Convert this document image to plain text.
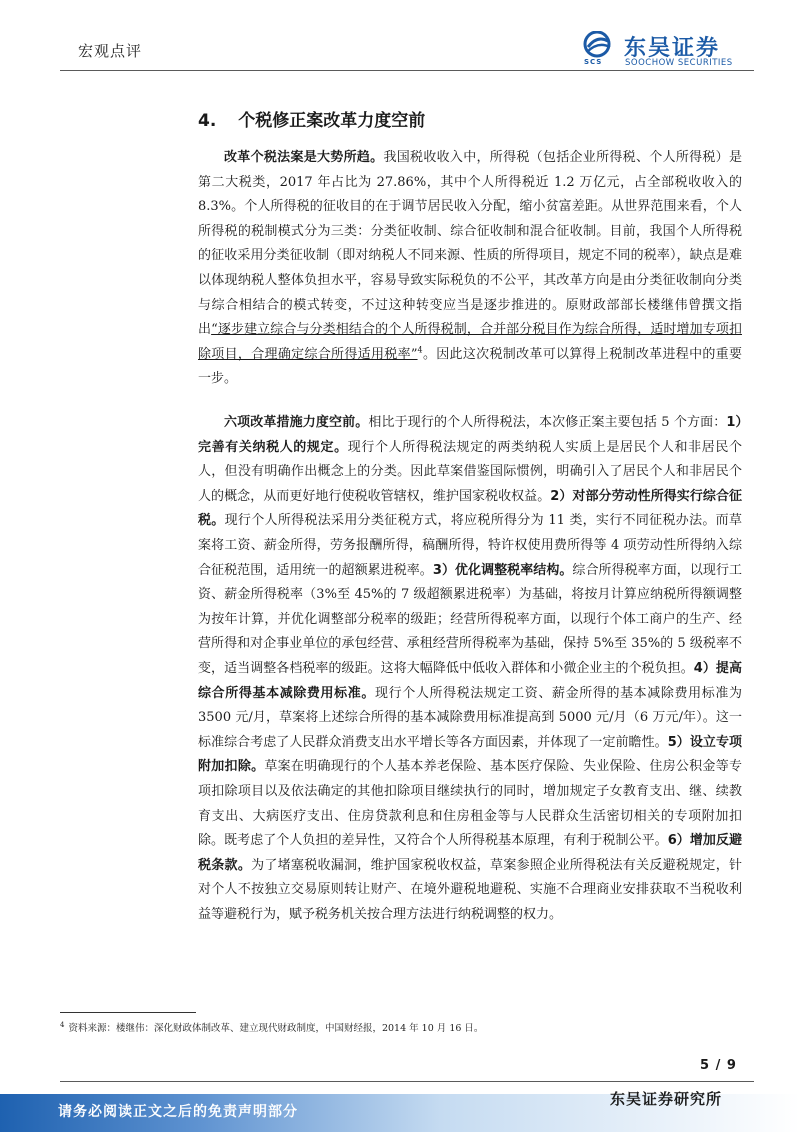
宏观点评
SCS
东吴证券
SOOCHOW SECURITIES
4. 个税修正案改革力度空前

改革个税法案是大势所趋。我国税收收入中，所得税（包括企业所得税、个人所得税）是第二大税类，2017 年占比为 27.86%，其中个人所得税近 1.2 万亿元，占全部税收收入的 8.3%。个人所得税的征收目的在于调节居民收入分配，缩小贫富差距。从世界范围来看，个人所得税的税制模式分为三类：分类征收制、综合征收制和混合征收制。目前，我国个人所得税的征收采用分类征收制（即对纳税人不同来源、性质的所得项目，规定不同的税率），缺点是难以体现纳税人整体负担水平，容易导致实际税负的不公平，其改革方向是由分类征收制向分类与综合相结合的模式转变，不过这种转变应当是逐步推进的。原财政部部长楼继伟曾撰文指出“逐步建立综合与分类相结合的个人所得税制，合并部分税目作为综合所得，适时增加专项扣除项目，合理确定综合所得适用税率”$^4$。因此这次税制改革可以算得上税制改革进程中的重要一步。

六项改革措施力度空前。相比于现行的个人所得税法，本次修正案主要包括 5 个方面：1）完善有关纳税人的规定。现行个人所得税法规定的两类纳税人实质上是居民个人和非居民个人，但没有明确作出概念上的分类。因此草案借鉴国际惯例，明确引入了居民个人和非居民个人的概念，从而更好地行使税收管辖权，维护国家税收权益。2）对部分劳动性所得实行综合征税。现行个人所得税法采用分类征税方式，将应税所得分为 11 类，实行不同征税办法。而草案将工资、薪金所得，劳务报酬所得，稿酬所得，特许权使用费所得等 4 项劳动性所得纳入综合征税范围，适用统一的超额累进税率。3）优化调整税率结构。综合所得税率方面，以现行工资、薪金所得税率（3%至 45%的 7 级超额累进税率）为基础，将按月计算应纳税所得额调整为按年计算，并优化调整部分税率的级距；经营所得税率方面，以现行个体工商户的生产、经营所得和对企事业单位的承包经营、承租经营所得税率为基础，保持 5%至 35%的 5 级税率不变，适当调整各档税率的级距。这将大幅降低中低收入群体和小微企业主的个税负担。4）提高综合所得基本减除费用标准。现行个人所得税法规定工资、薪金所得的基本减除费用标准为 3500 元/月，草案将上述综合所得的基本减除费用标准提高到 5000 元/月（6 万元/年）。这一标准综合考虑了人民群众消费支出水平增长等各方面因素，并体现了一定前瞻性。5）设立专项附加扣除。草案在明确现行的个人基本养老保险、基本医疗保险、失业保险、住房公积金等专项扣除项目以及依法确定的其他扣除项目继续执行的同时，增加规定子女教育支出、继、续教育支出、大病医疗支出、住房贷款利息和住房租金等与人民群众生活密切相关的专项附加扣除。既考虑了个人负担的差异性，又符合个人所得税基本原理，有利于税制公平。6）增加反避税条款。为了堵塞税收漏洞，维护国家税收权益，草案参照企业所得税法有关反避税规定，针对个人不按独立交易原则转让财产、在境外避税地避税、实施不合理商业安排获取不当税收利益等避税行为，赋予税务机关按合理方法进行纳税调整的权力。

$^4$ 资料来源：楼继伟：深化财政体制改革、建立现代财政制度，中国财经报，2014 年 10 月 16 日。
5 / 9
请务必阅读正文之后的免责声明部分
东吴证券研究所
